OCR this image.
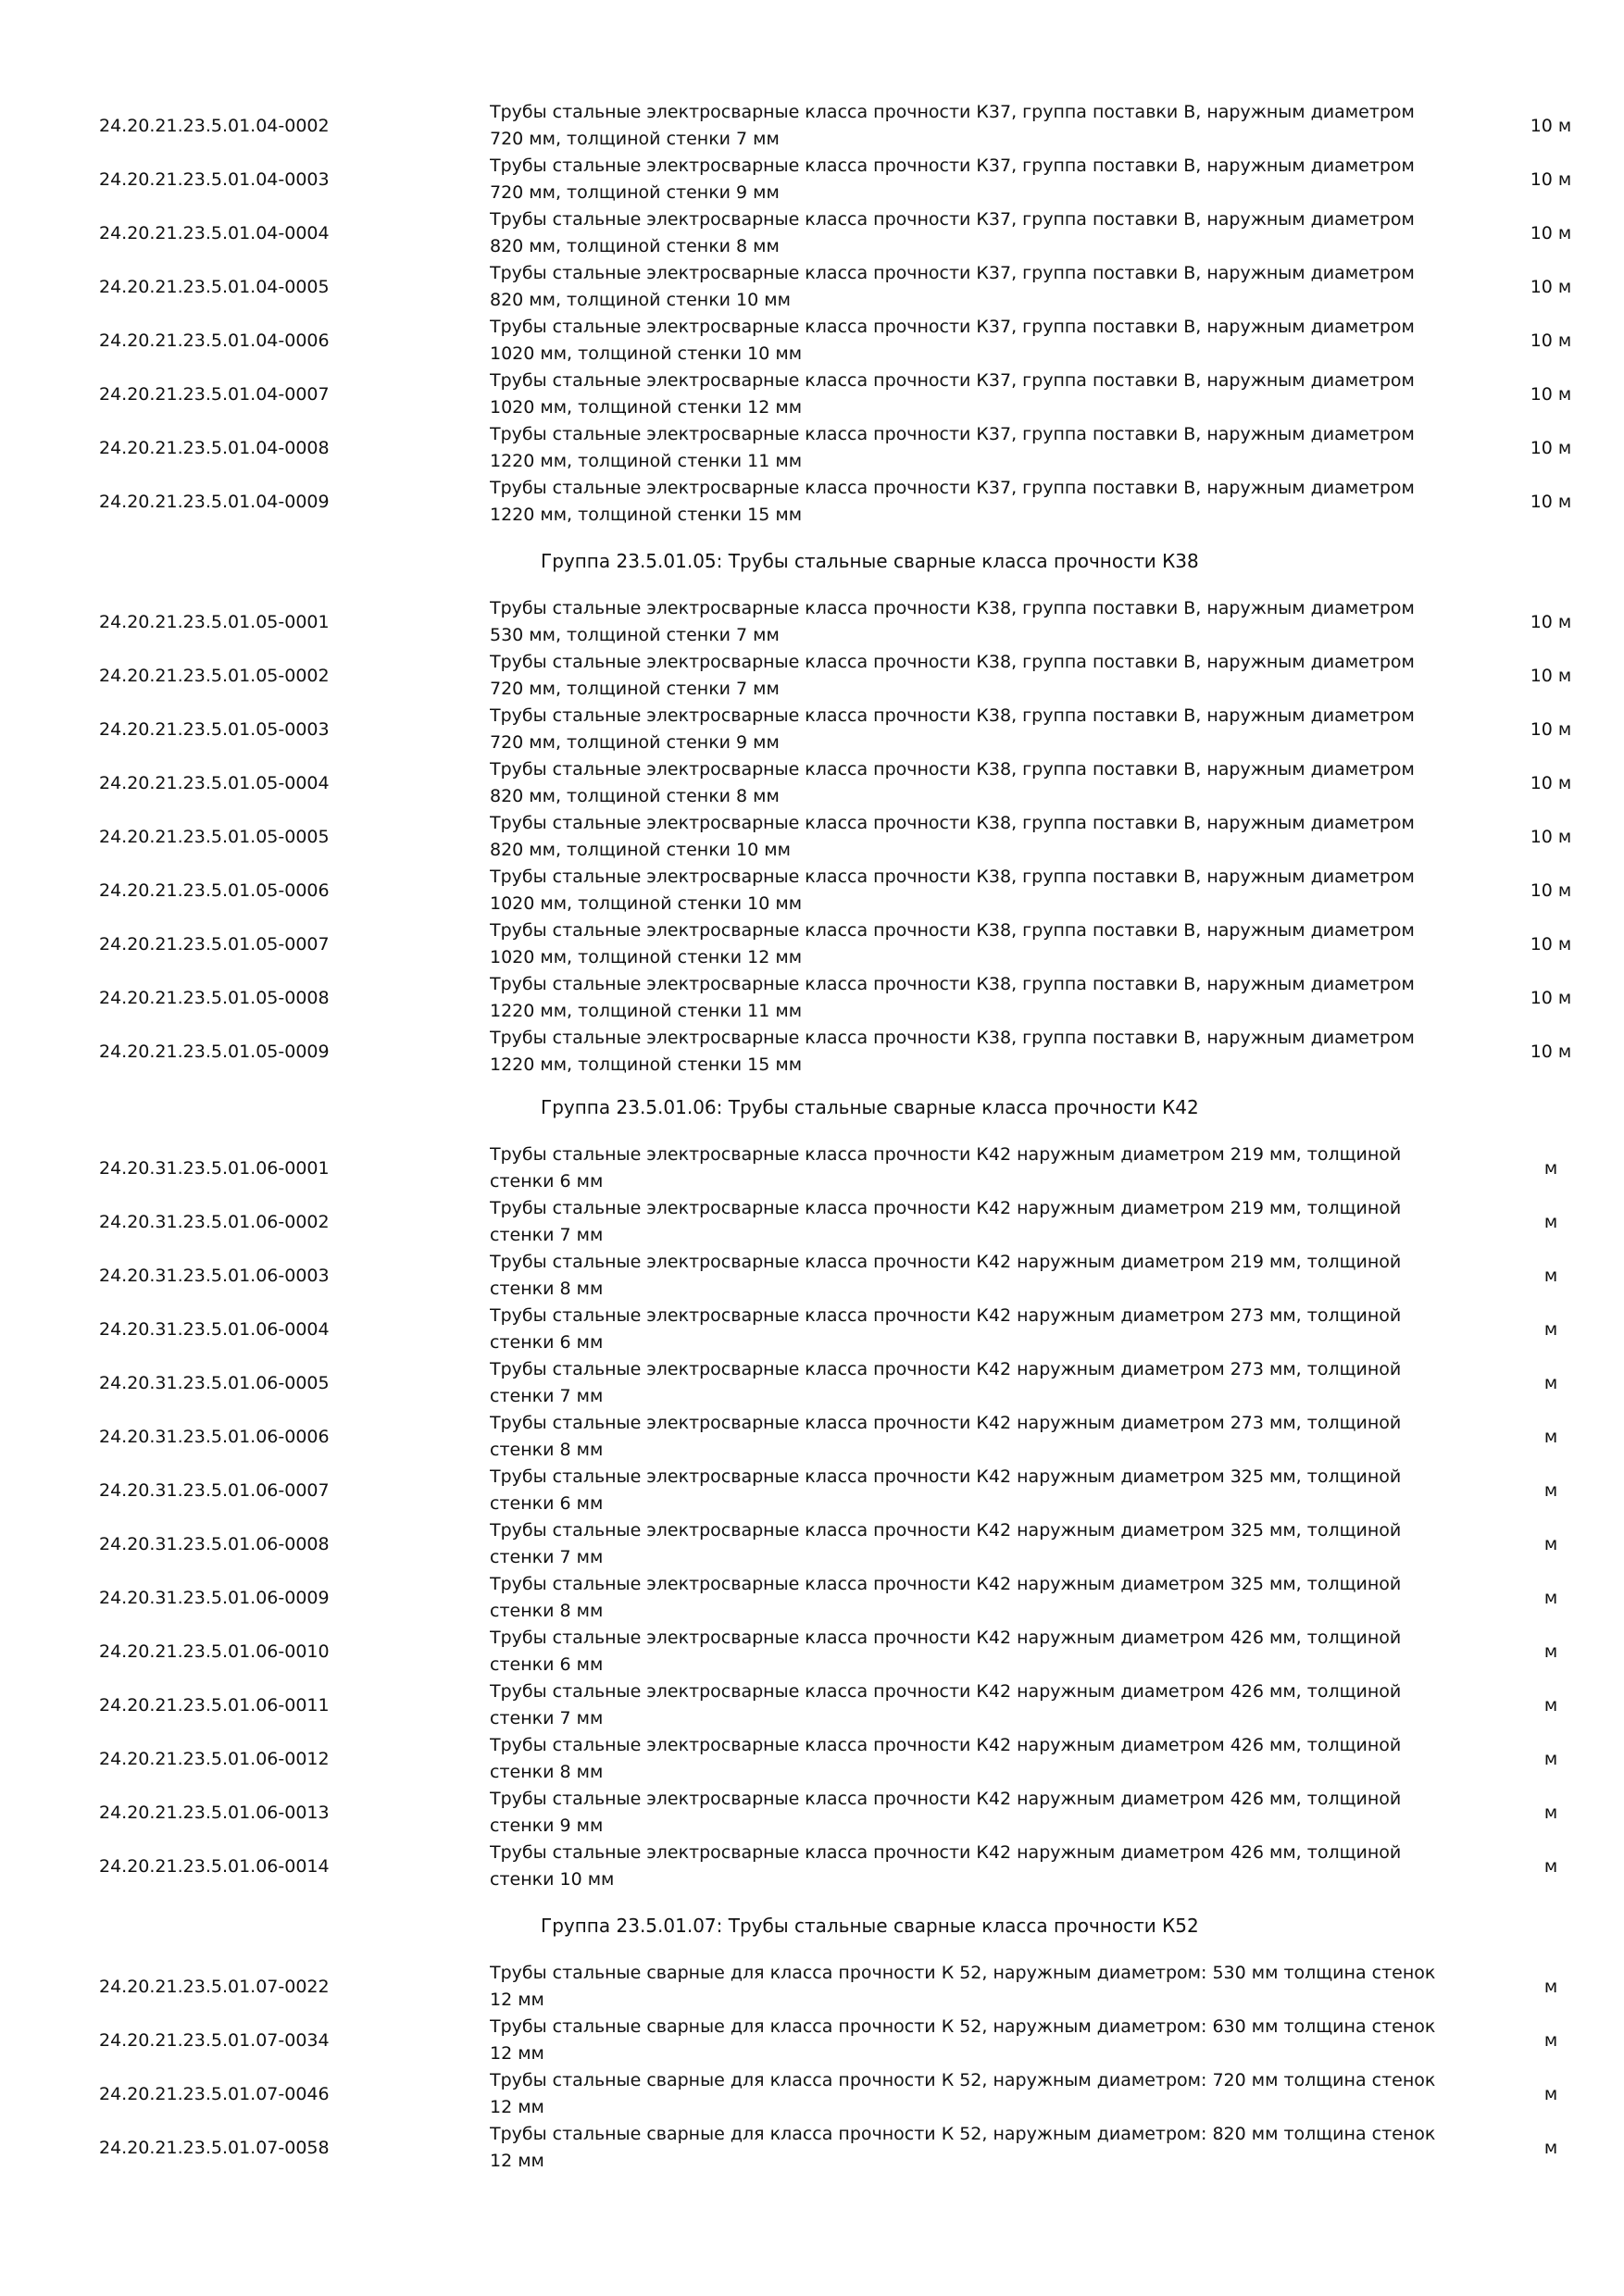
24.20.21.23.5.01.04-0002
Трубы стальные электросварные класса прочности К37, группа поставки В, наружным диаметром 720 мм, толщиной стенки 7 мм
10 м
24.20.21.23.5.01.04-0003
Трубы стальные электросварные класса прочности К37, группа поставки В, наружным диаметром 720 мм, толщиной стенки 9 мм
10 м
24.20.21.23.5.01.04-0004
Трубы стальные электросварные класса прочности К37, группа поставки В, наружным диаметром 820 мм, толщиной стенки 8 мм
10 м
24.20.21.23.5.01.04-0005
Трубы стальные электросварные класса прочности К37, группа поставки В, наружным диаметром 820 мм, толщиной стенки 10 мм
10 м
24.20.21.23.5.01.04-0006
Трубы стальные электросварные класса прочности К37, группа поставки В, наружным диаметром 1020 мм, толщиной стенки 10 мм
10 м
24.20.21.23.5.01.04-0007
Трубы стальные электросварные класса прочности К37, группа поставки В, наружным диаметром 1020 мм, толщиной стенки 12 мм
10 м
24.20.21.23.5.01.04-0008
Трубы стальные электросварные класса прочности К37, группа поставки В, наружным диаметром 1220 мм, толщиной стенки 11 мм
10 м
24.20.21.23.5.01.04-0009
Трубы стальные электросварные класса прочности К37, группа поставки В, наружным диаметром 1220 мм, толщиной стенки 15 мм
10 м
Группа 23.5.01.05: Трубы стальные сварные класса прочности К38
24.20.21.23.5.01.05-0001
Трубы стальные электросварные класса прочности К38, группа поставки В, наружным диаметром 530 мм, толщиной стенки 7 мм
10 м
24.20.21.23.5.01.05-0002
Трубы стальные электросварные класса прочности К38, группа поставки В, наружным диаметром 720 мм, толщиной стенки 7 мм
10 м
24.20.21.23.5.01.05-0003
Трубы стальные электросварные класса прочности К38, группа поставки В, наружным диаметром 720 мм, толщиной стенки 9 мм
10 м
24.20.21.23.5.01.05-0004
Трубы стальные электросварные класса прочности К38, группа поставки В, наружным диаметром 820 мм, толщиной стенки 8 мм
10 м
24.20.21.23.5.01.05-0005
Трубы стальные электросварные класса прочности К38, группа поставки В, наружным диаметром 820 мм, толщиной стенки 10 мм
10 м
24.20.21.23.5.01.05-0006
Трубы стальные электросварные класса прочности К38, группа поставки В, наружным диаметром 1020 мм, толщиной стенки 10 мм
10 м
24.20.21.23.5.01.05-0007
Трубы стальные электросварные класса прочности К38, группа поставки В, наружным диаметром 1020 мм, толщиной стенки 12 мм
10 м
24.20.21.23.5.01.05-0008
Трубы стальные электросварные класса прочности К38, группа поставки В, наружным диаметром 1220 мм, толщиной стенки 11 мм
10 м
24.20.21.23.5.01.05-0009
Трубы стальные электросварные класса прочности К38, группа поставки В, наружным диаметром 1220 мм, толщиной стенки 15 мм
10 м
Группа 23.5.01.06: Трубы стальные сварные класса прочности К42
24.20.31.23.5.01.06-0001
Трубы стальные электросварные класса прочности К42 наружным диаметром 219 мм, толщиной стенки 6 мм
м
24.20.31.23.5.01.06-0002
Трубы стальные электросварные класса прочности К42 наружным диаметром 219 мм, толщиной стенки 7 мм
м
24.20.31.23.5.01.06-0003
Трубы стальные электросварные класса прочности К42 наружным диаметром 219 мм, толщиной стенки 8 мм
м
24.20.31.23.5.01.06-0004
Трубы стальные электросварные класса прочности К42 наружным диаметром 273 мм, толщиной стенки 6 мм
м
24.20.31.23.5.01.06-0005
Трубы стальные электросварные класса прочности К42 наружным диаметром 273 мм, толщиной стенки 7 мм
м
24.20.31.23.5.01.06-0006
Трубы стальные электросварные класса прочности К42 наружным диаметром 273 мм, толщиной стенки 8 мм
м
24.20.31.23.5.01.06-0007
Трубы стальные электросварные класса прочности К42 наружным диаметром 325 мм, толщиной стенки 6 мм
м
24.20.31.23.5.01.06-0008
Трубы стальные электросварные класса прочности К42 наружным диаметром 325 мм, толщиной стенки 7 мм
м
24.20.31.23.5.01.06-0009
Трубы стальные электросварные класса прочности К42 наружным диаметром 325 мм, толщиной стенки 8 мм
м
24.20.21.23.5.01.06-0010
Трубы стальные электросварные класса прочности К42 наружным диаметром 426 мм, толщиной стенки 6 мм
м
24.20.21.23.5.01.06-0011
Трубы стальные электросварные класса прочности К42 наружным диаметром 426 мм, толщиной стенки 7 мм
м
24.20.21.23.5.01.06-0012
Трубы стальные электросварные класса прочности К42 наружным диаметром 426 мм, толщиной стенки 8 мм
м
24.20.21.23.5.01.06-0013
Трубы стальные электросварные класса прочности К42 наружным диаметром 426 мм, толщиной стенки 9 мм
м
24.20.21.23.5.01.06-0014
Трубы стальные электросварные класса прочности К42 наружным диаметром 426 мм, толщиной стенки 10 мм
м
Группа 23.5.01.07: Трубы стальные сварные класса прочности К52
24.20.21.23.5.01.07-0022
Трубы стальные сварные для класса прочности К 52, наружным диаметром: 530 мм толщина стенок 12 мм
м
24.20.21.23.5.01.07-0034
Трубы стальные сварные для класса прочности К 52, наружным диаметром: 630 мм толщина стенок 12 мм
м
24.20.21.23.5.01.07-0046
Трубы стальные сварные для класса прочности К 52, наружным диаметром: 720 мм толщина стенок 12 мм
м
24.20.21.23.5.01.07-0058
Трубы стальные сварные для класса прочности К 52, наружным диаметром: 820 мм толщина стенок 12 мм
м
